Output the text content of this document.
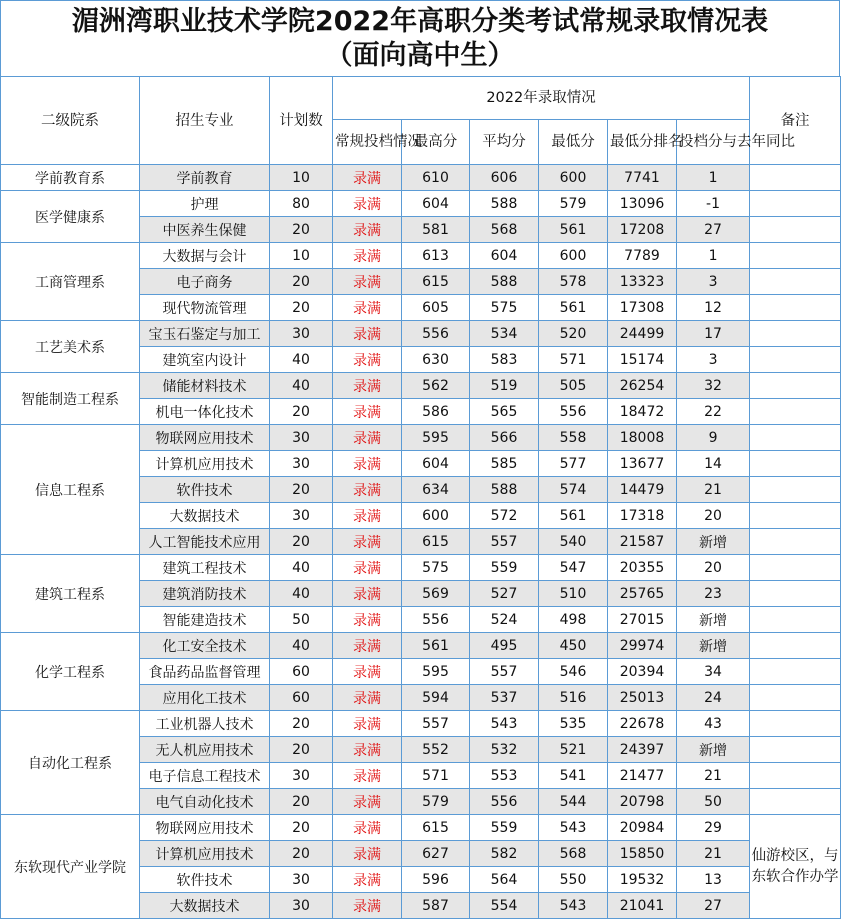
湄洲湾职业技术学院2022年高职分类考试常规录取情况表
（面向高中生）
二级院系	招生专业	计划数	2022年录取情况						备注
			常规投档情况	最高分	平均分	最低分	最低分排名	投档分与去年同比	
学前教育系	学前教育	10	录满	610	606	600	7741	1	
医学健康系	护理	80	录满	604	588	579	13096	-1	
	中医养生保健	20	录满	581	568	561	17208	27	
工商管理系	大数据与会计	10	录满	613	604	600	7789	1	
	电子商务	20	录满	615	588	578	13323	3	
	现代物流管理	20	录满	605	575	561	17308	12	
工艺美术系	宝玉石鉴定与加工	30	录满	556	534	520	24499	17	
	建筑室内设计	40	录满	630	583	571	15174	3	
智能制造工程系	储能材料技术	40	录满	562	519	505	26254	32	
	机电一体化技术	20	录满	586	565	556	18472	22	
信息工程系	物联网应用技术	30	录满	595	566	558	18008	9	
	计算机应用技术	30	录满	604	585	577	13677	14	
	软件技术	20	录满	634	588	574	14479	21	
	大数据技术	30	录满	600	572	561	17318	20	
	人工智能技术应用	20	录满	615	557	540	21587	新增	
建筑工程系	建筑工程技术	40	录满	575	559	547	20355	20	
	建筑消防技术	40	录满	569	527	510	25765	23	
	智能建造技术	50	录满	556	524	498	27015	新增	
化学工程系	化工安全技术	40	录满	561	495	450	29974	新增	
	食品药品监督管理	60	录满	595	557	546	20394	34	
	应用化工技术	60	录满	594	537	516	25013	24	
自动化工程系	工业机器人技术	20	录满	557	543	535	22678	43	
	无人机应用技术	20	录满	552	532	521	24397	新增	
	电子信息工程技术	30	录满	571	553	541	21477	21	
	电气自动化技术	20	录满	579	556	544	20798	50	
东软现代产业学院	物联网应用技术	20	录满	615	559	543	20984	29	仙游校区，与东软合作办学
	计算机应用技术	20	录满	627	582	568	15850	21	
	软件技术	30	录满	596	564	550	19532	13	
	大数据技术	30	录满	587	554	543	21041	27	
